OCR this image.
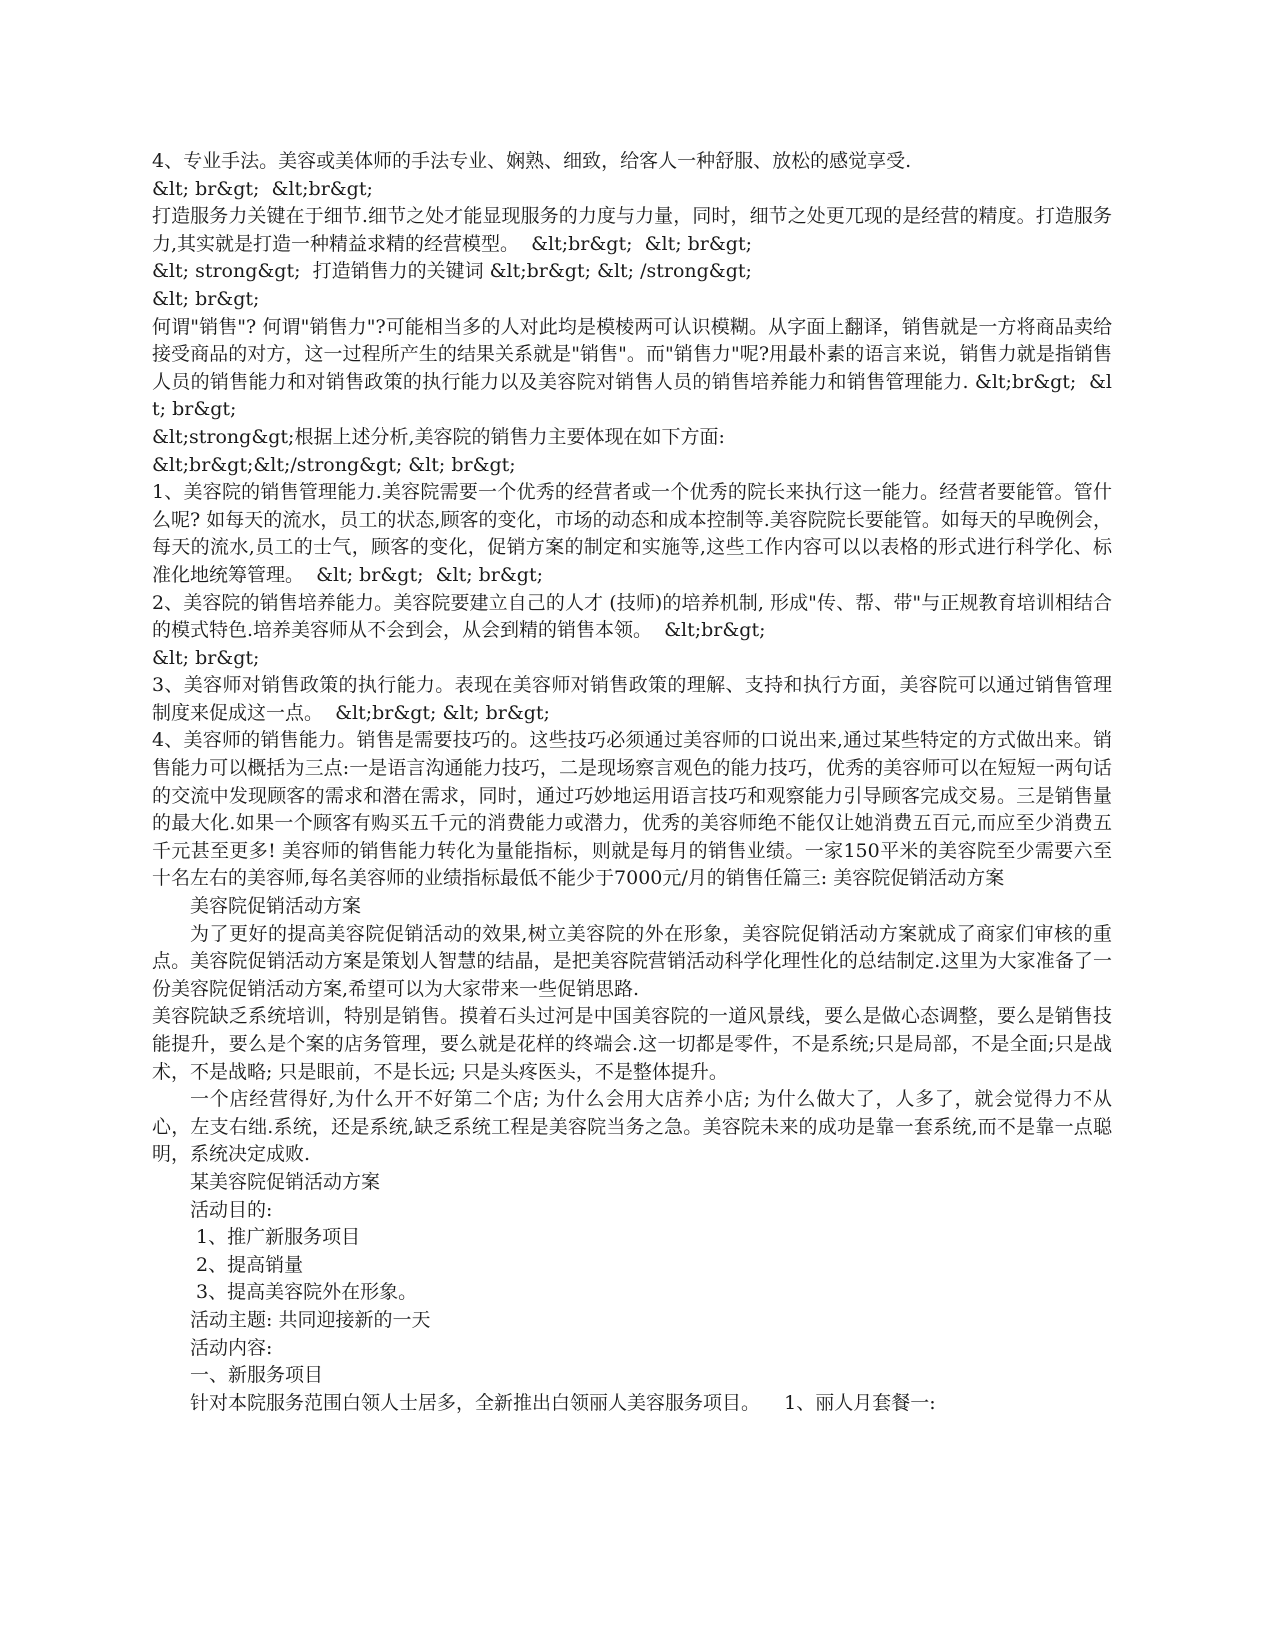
4、专业手法。美容或美体师的手法专业、娴熟、细致，给客人一种舒服、放松的感觉享受.

&lt; br&gt;  &lt;br&gt;

打造服务力关键在于细节.细节之处才能显现服务的力度与力量，同时，细节之处更兀现的是经营的精度。打造服务力,其实就是打造一种精益求精的经营模型。  &lt;br&gt;  &lt; br&gt;

&lt; strong&gt;  打造销售力的关键词 &lt;br&gt; &lt; /strong&gt;

&lt; br&gt;

何谓"销售"? 何谓"销售力"?可能相当多的人对此均是模棱两可认识模糊。从字面上翻译，销售就是一方将商品卖给接受商品的对方，这一过程所产生的结果关系就是"销售"。而"销售力"呢?用最朴素的语言来说，销售力就是指销售人员的销售能力和对销售政策的执行能力以及美容院对销售人员的销售培养能力和销售管理能力. &lt;br&gt;  &lt; br&gt;

&lt;strong&gt;根据上述分析,美容院的销售力主要体现在如下方面:

&lt;br&gt;&lt;/strong&gt; &lt; br&gt;

1、美容院的销售管理能力.美容院需要一个优秀的经营者或一个优秀的院长来执行这一能力。经营者要能管。管什么呢? 如每天的流水，员工的状态,顾客的变化，市场的动态和成本控制等.美容院院长要能管。如每天的早晚例会，每天的流水,员工的士气，顾客的变化，促销方案的制定和实施等,这些工作内容可以以表格的形式进行科学化、标准化地统筹管理。  &lt; br&gt;  &lt; br&gt;

2、美容院的销售培养能力。美容院要建立自己的人才 (技师)的培养机制, 形成"传、帮、带"与正规教育培训相结合的模式特色.培养美容师从不会到会，从会到精的销售本领。  &lt;br&gt;

&lt; br&gt;

3、美容师对销售政策的执行能力。表现在美容师对销售政策的理解、支持和执行方面，美容院可以通过销售管理制度来促成这一点。  &lt;br&gt; &lt; br&gt;

4、美容师的销售能力。销售是需要技巧的。这些技巧必须通过美容师的口说出来,通过某些特定的方式做出来。销售能力可以概括为三点:一是语言沟通能力技巧，二是现场察言观色的能力技巧，优秀的美容师可以在短短一两句话的交流中发现顾客的需求和潜在需求，同时，通过巧妙地运用语言技巧和观察能力引导顾客完成交易。三是销售量的最大化.如果一个顾客有购买五千元的消费能力或潜力，优秀的美容师绝不能仅让她消费五百元,而应至少消费五千元甚至更多! 美容师的销售能力转化为量能指标，则就是每月的销售业绩。一家150平米的美容院至少需要六至十名左右的美容师,每名美容师的业绩指标最低不能少于7000元/月的销售任篇三: 美容院促销活动方案

美容院促销活动方案

为了更好的提高美容院促销活动的效果,树立美容院的外在形象，美容院促销活动方案就成了商家们审核的重点。美容院促销活动方案是策划人智慧的结晶，是把美容院营销活动科学化理性化的总结制定.这里为大家准备了一份美容院促销活动方案,希望可以为大家带来一些促销思路.

美容院缺乏系统培训，特别是销售。摸着石头过河是中国美容院的一道风景线，要么是做心态调整，要么是销售技能提升，要么是个案的店务管理，要么就是花样的终端会.这一切都是零件，不是系统;只是局部，不是全面;只是战术，不是战略; 只是眼前，不是长远; 只是头疼医头，不是整体提升。

一个店经营得好,为什么开不好第二个店; 为什么会用大店养小店; 为什么做大了，人多了，就会觉得力不从心，左支右绌.系统，还是系统,缺乏系统工程是美容院当务之急。美容院未来的成功是靠一套系统,而不是靠一点聪明，系统决定成败.

某美容院促销活动方案

活动目的:

1、推广新服务项目

2、提高销量

3、提高美容院外在形象。

活动主题: 共同迎接新的一天

活动内容:

一、新服务项目

针对本院服务范围白领人士居多，全新推出白领丽人美容服务项目。    1、丽人月套餐一:
